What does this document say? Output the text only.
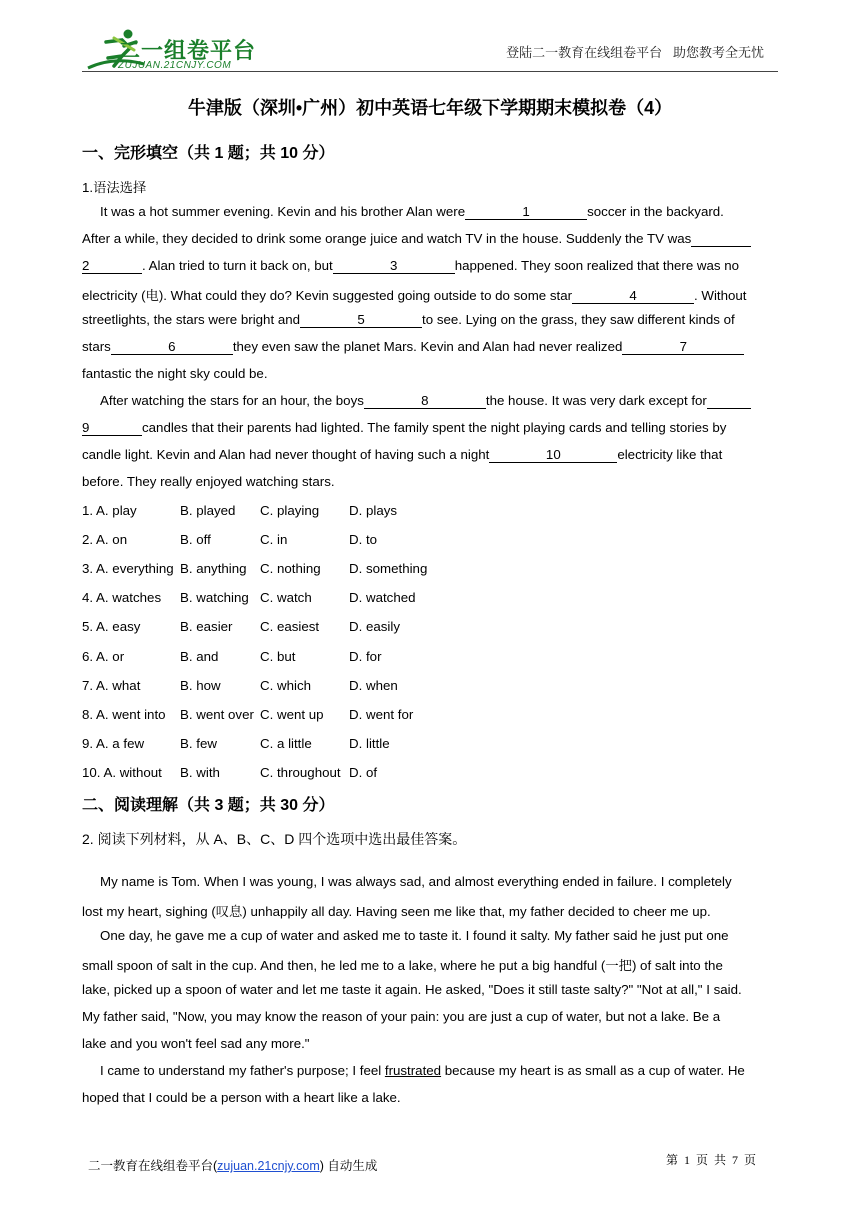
二一组卷平台
ZUJUAN.21CNJY.COM
登陆二一教育在线组卷平台   助您教考全无忧
牛津版（深圳•广州）初中英语七年级下学期期末模拟卷（4）
一、完形填空（共 1 题；共 10 分）
1.语法选择
It was a hot summer evening. Kevin and his brother Alan were	1	soccer in the backyard.
After a while, they decided to drink some orange juice and watch TV in the house. Suddenly the TV was
2	. Alan tried to turn it back on, but	3	happened. They soon realized that there was no
electricity (电). What could they do? Kevin suggested going outside to do some star	4	. Without
streetlights, the stars were bright and	5	to see. Lying on the grass, they saw different kinds of
stars	6	they even saw the planet Mars. Kevin and Alan had never realized	7
fantastic the night sky could be.
After watching the stars for an hour, the boys	8	the house. It was very dark except for
9	candles that their parents had lighted. The family spent the night playing cards and telling stories by
candle light. Kevin and Alan had never thought of having such a night	10	electricity like that
before. They really enjoyed watching stars.
1. A. play	B. played C. playing D. plays
2. A. on	B. off	C. in	D. to
3. A. everything B. anything C. nothing D. something
4. A. watches B. watching C. watch	D. watched
5. A. easy	B. easier C. easiest D. easily
6. A. or	B. and	C. but	D. for
7. A. what	B. how	C. which	D. when
8. A. went into B. went over C. went up D. went for
9. A. a few	B. few	C. a little	D. little
10. A. without B. with	C. throughout D. of
二、阅读理解（共 3 题；共 30 分）
2. 阅读下列材料，从 A、B、C、D 四个选项中选出最佳答案。
My name is Tom. When I was young, I was always sad, and almost everything ended in failure. I completely
lost my heart, sighing (叹息) unhappily all day. Having seen me like that, my father decided to cheer me up.
One day, he gave me a cup of water and asked me to taste it. I found it salty. My father said he just put one
small spoon of salt in the cup. And then, he led me to a lake, where he put a big handful (一把) of salt into the
lake, picked up a spoon of water and let me taste it again. He asked, "Does it still taste salty?" "Not at all," I said.
My father said, "Now, you may know the reason of your pain: you are just a cup of water, but not a lake. Be a
lake and you won't feel sad any more."
I came to understand my father's purpose; I feel frustrated because my heart is as small as a cup of water. He
hoped that I could be a person with a heart like a lake.
二一教育在线组卷平台(zujuan.21cnjy.com) 自动生成	第  1  页  共  7  页
